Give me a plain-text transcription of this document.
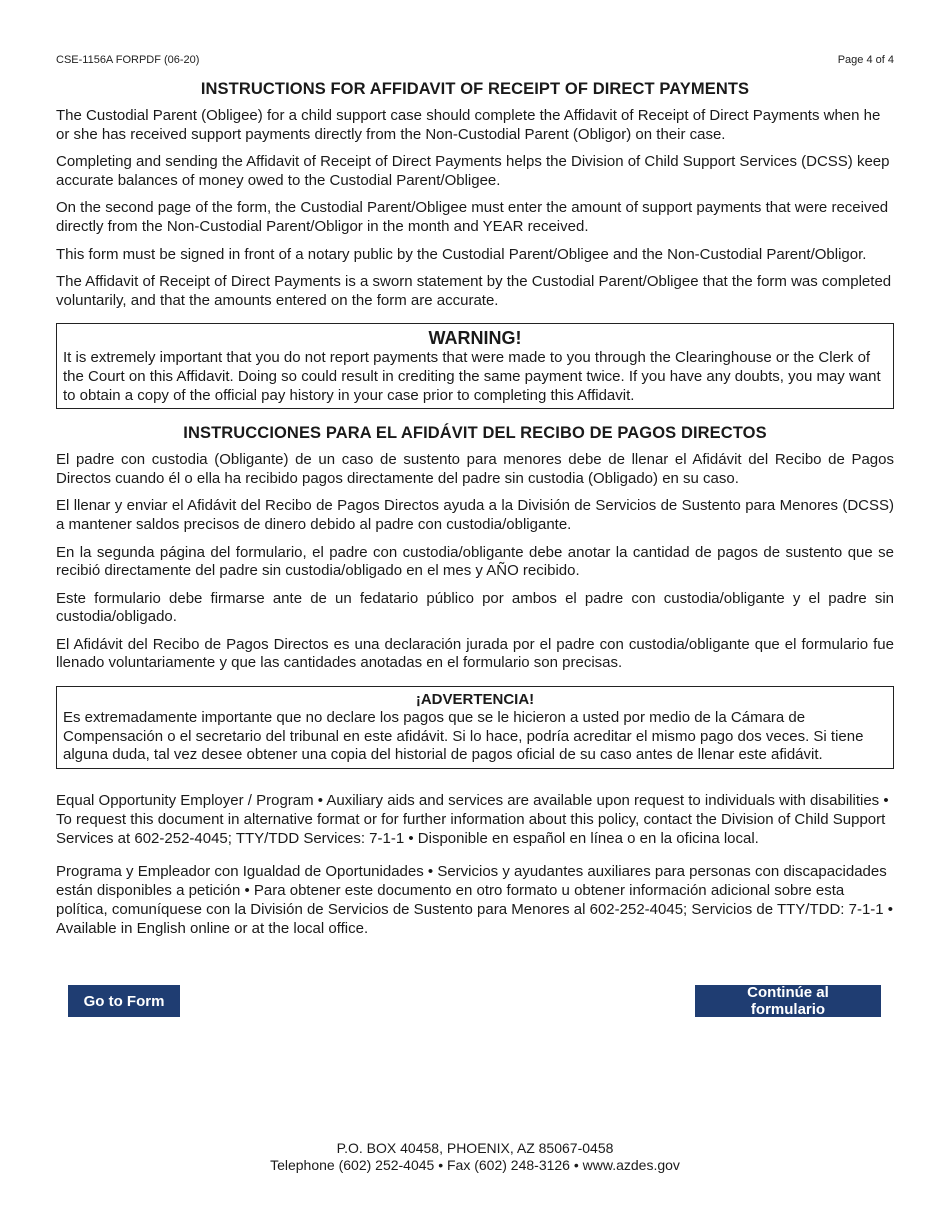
CSE-1156A FORPDF (06-20)	Page 4 of 4
INSTRUCTIONS FOR AFFIDAVIT OF RECEIPT OF DIRECT PAYMENTS

The Custodial Parent (Obligee) for a child support case should complete the Affidavit of Receipt of Direct Payments when he or she has received support payments directly from the Non-Custodial Parent (Obligor) on their case.

Completing and sending the Affidavit of Receipt of Direct Payments helps the Division of Child Support Services (DCSS) keep accurate balances of money owed to the Custodial Parent/Obligee.

On the second page of the form, the Custodial Parent/Obligee must enter the amount of support payments that were received directly from the Non-Custodial Parent/Obligor in the month and YEAR received.

This form must be signed in front of a notary public by the Custodial Parent/Obligee and the Non-Custodial Parent/Obligor.

The Affidavit of Receipt of Direct Payments is a sworn statement by the Custodial Parent/Obligee that the form was completed voluntarily, and that the amounts entered on the form are accurate.

WARNING!
It is extremely important that you do not report payments that were made to you through the Clearinghouse or the Clerk of the Court on this Affidavit. Doing so could result in crediting the same payment twice. If you have any doubts, you may want to obtain a copy of the official pay history in your case prior to completing this Affidavit.
INSTRUCCIONES PARA EL AFIDÁVIT DEL RECIBO DE PAGOS DIRECTOS

El padre con custodia (Obligante) de un caso de sustento para menores debe de llenar el Afidávit del Recibo de Pagos Directos cuando él o ella ha recibido pagos directamente del padre sin custodia (Obligado) en su caso.

El llenar y enviar el Afidávit del Recibo de Pagos Directos ayuda a la División de Servicios de Sustento para Menores (DCSS) a mantener saldos precisos de dinero debido al padre con custodia/obligante.

En la segunda página del formulario, el padre con custodia/obligante debe anotar la cantidad de pagos de sustento que se recibió directamente del padre sin custodia/obligado en el mes y AÑO recibido.

Este formulario debe firmarse ante de un fedatario público por ambos el padre con custodia/obligante y el padre sin custodia/obligado.

El Afidávit del Recibo de Pagos Directos es una declaración jurada por el padre con custodia/obligante que el formulario fue llenado voluntariamente y que las cantidades anotadas en el formulario son precisas.

¡ADVERTENCIA!
Es extremadamente importante que no declare los pagos que se le hicieron a usted por medio de la Cámara de Compensación o el secretario del tribunal en este afidávit. Si lo hace, podría acreditar el mismo pago dos veces. Si tiene alguna duda, tal vez desee obtener una copia del historial de pagos oficial de su caso antes de llenar este afidávit.

Equal Opportunity Employer / Program • Auxiliary aids and services are available upon request to individuals with disabilities • To request this document in alternative format or for further information about this policy, contact the Division of Child Support Services at 602-252-4045; TTY/TDD Services: 7-1-1 • Disponible en español en línea o en la oficina local.

Programa y Empleador con Igualdad de Oportunidades • Servicios y ayudantes auxiliares para personas con discapacidades están disponibles a petición • Para obtener este documento en otro formato u obtener información adicional sobre esta política, comuníquese con la División de Servicios de Sustento para Menores al 602-252-4045; Servicios de TTY/TDD: 7-1-1 • Available in English online or at the local office.

Go to Form	Continúe al formulario
P.O. BOX 40458, PHOENIX, AZ 85067-0458
Telephone (602) 252-4045 • Fax (602) 248-3126 • www.azdes.gov
